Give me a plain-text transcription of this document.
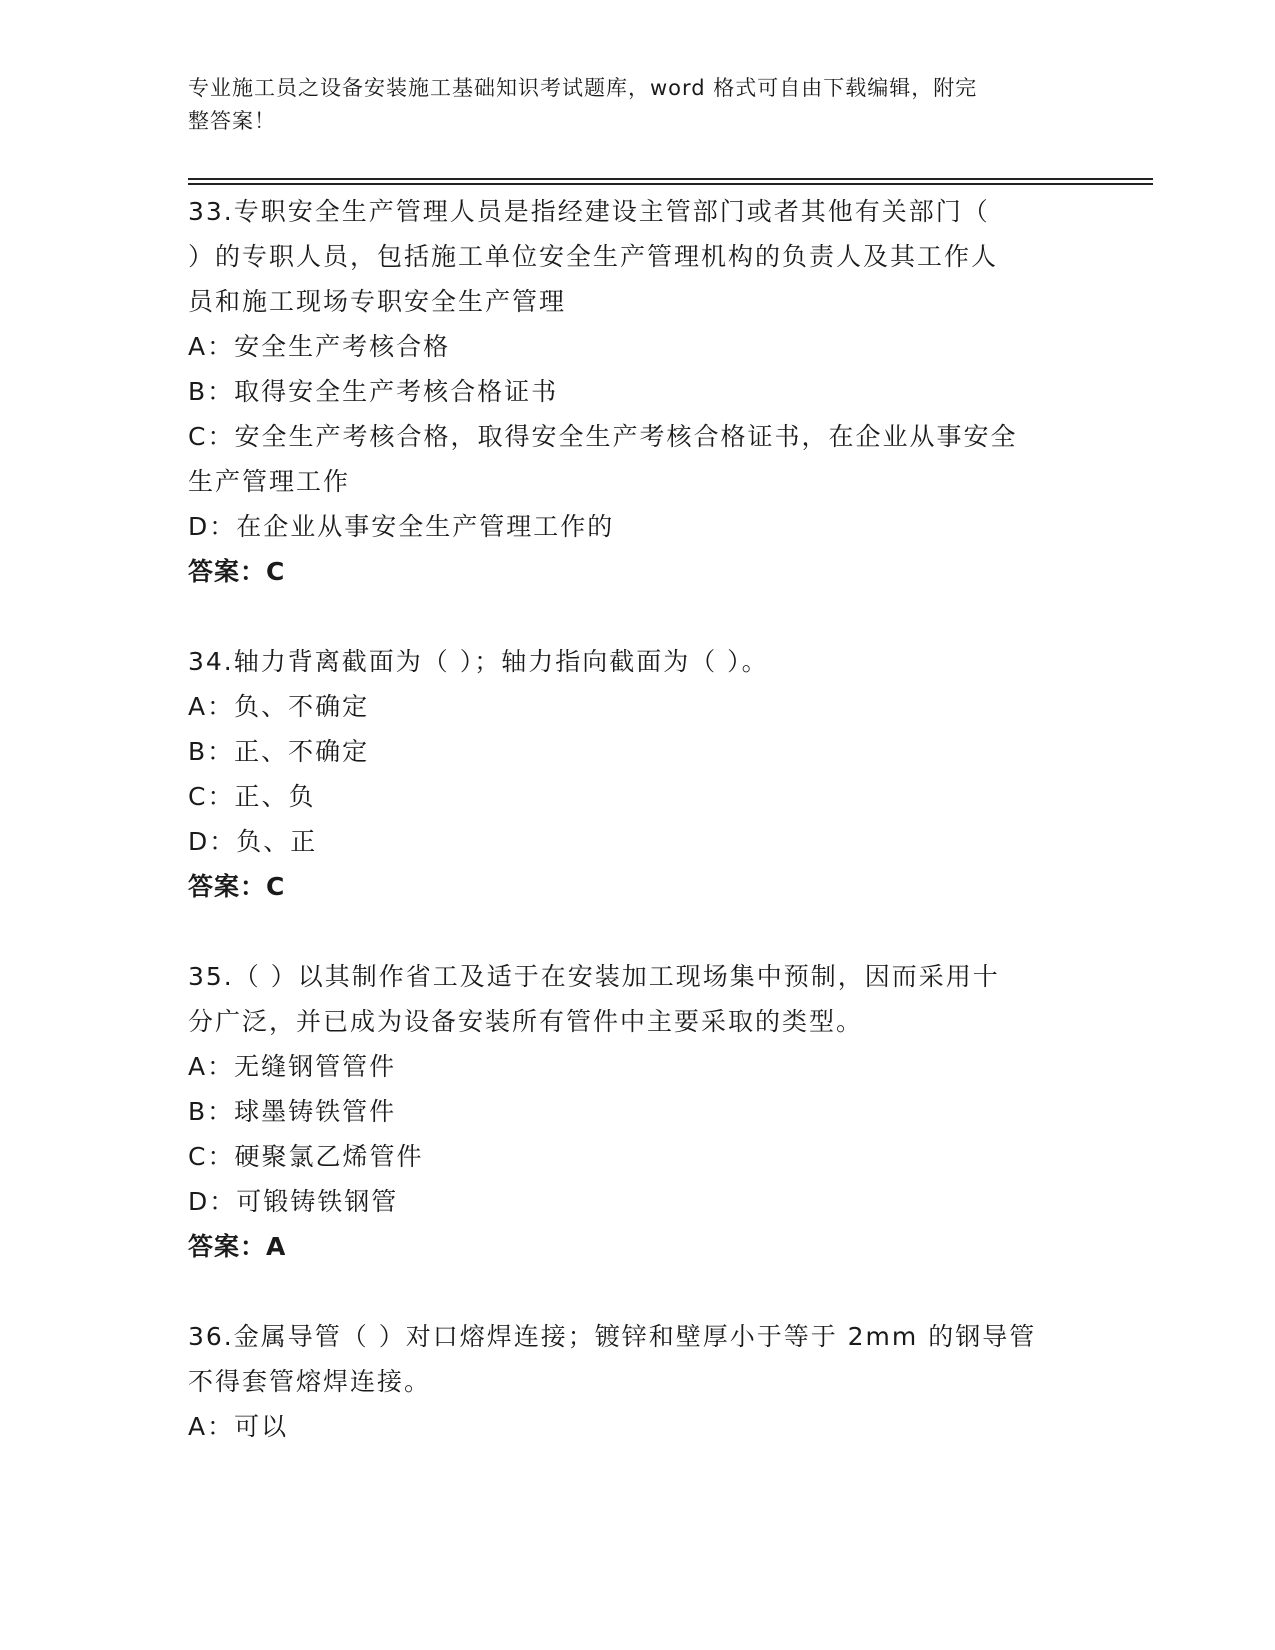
专业施工员之设备安装施工基础知识考试题库，word 格式可自由下载编辑，附完
整答案！
33.专职安全生产管理人员是指经建设主管部门或者其他有关部门（
）的专职人员，包括施工单位安全生产管理机构的负责人及其工作人
员和施工现场专职安全生产管理
A：安全生产考核合格
B：取得安全生产考核合格证书
C：安全生产考核合格，取得安全生产考核合格证书，在企业从事安全
生产管理工作
D：在企业从事安全生产管理工作的
答案：C
34.轴力背离截面为（ ）；轴力指向截面为（ ）。
A：负、不确定
B：正、不确定
C：正、负
D：负、正
答案：C
35.（ ）以其制作省工及适于在安装加工现场集中预制，因而采用十
分广泛，并已成为设备安装所有管件中主要采取的类型。
A：无缝钢管管件
B：球墨铸铁管件
C：硬聚氯乙烯管件
D：可锻铸铁钢管
答案：A
36.金属导管（ ）对口熔焊连接；镀锌和壁厚小于等于 2mm 的钢导管
不得套管熔焊连接。
A：可以
